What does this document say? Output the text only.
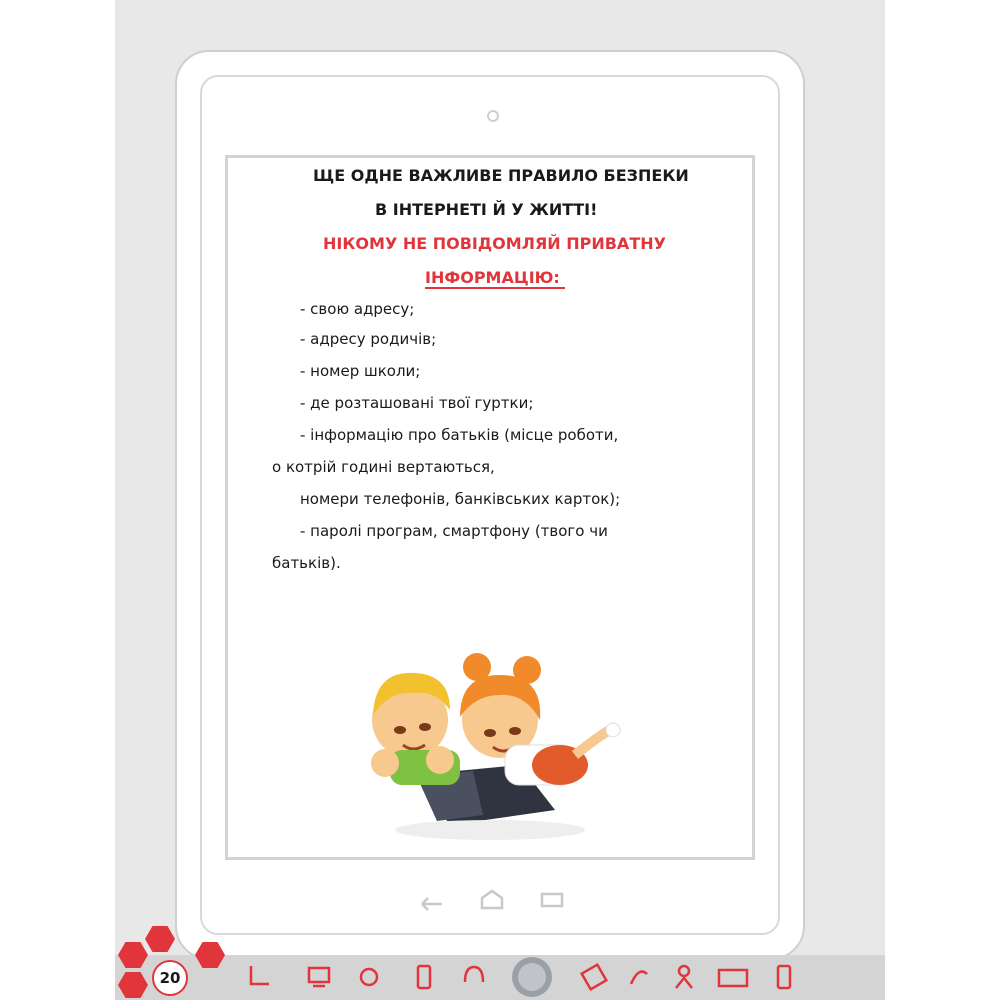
ЩЕ ОДНЕ ВАЖЛИВЕ ПРАВИЛО БЕЗПЕКИ
В ІНТЕРНЕТІ Й У ЖИТТІ!
НІКОМУ НЕ ПОВІДОМЛЯЙ ПРИВАТНУ
ІНФОРМАЦІЮ:
- свою адресу;
- адресу родичів;
- номер школи;
- де розташовані твої гуртки;
- інформацію про батьків (місце роботи,
о котрій годині вертаються,
номери телефонів, банківських карток);
- паролі програм, смартфону (твого чи
батьків).
20
